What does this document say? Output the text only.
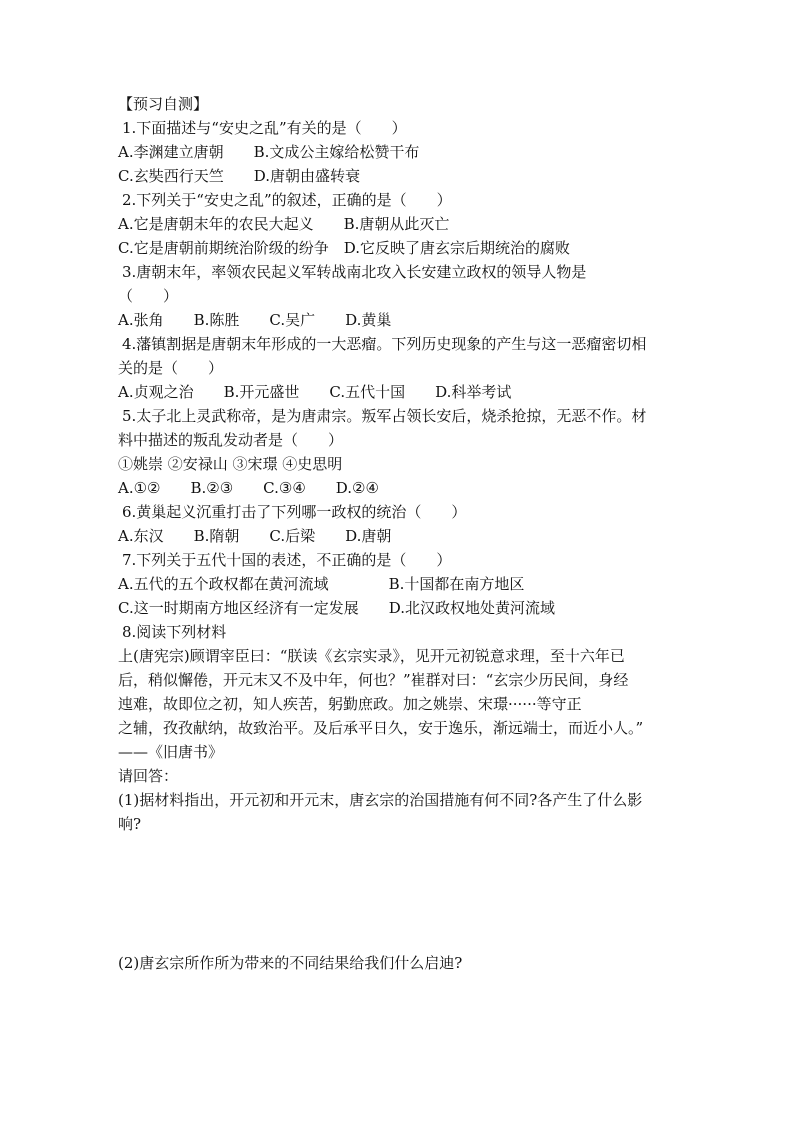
【预习自测】
1.下面描述与“安史之乱”有关的是（　　）
A.李渊建立唐朝　　B.文成公主嫁给松赞干布
C.玄奘西行天竺　　D.唐朝由盛转衰
2.下列关于“安史之乱”的叙述，正确的是（　　）
A.它是唐朝末年的农民大起义　　B.唐朝从此灭亡
C.它是唐朝前期统治阶级的纷争　D.它反映了唐玄宗后期统治的腐败
3.唐朝末年，率领农民起义军转战南北攻入长安建立政权的领导人物是
（　　）
A.张角　　B.陈胜　　C.吴广　　D.黄巢
4.藩镇割据是唐朝末年形成的一大恶瘤。下列历史现象的产生与这一恶瘤密切相
关的是（　　）
A.贞观之治　　B.开元盛世　　C.五代十国　　D.科举考试
5.太子北上灵武称帝，是为唐肃宗。叛军占领长安后，烧杀抢掠，无恶不作。材
料中描述的叛乱发动者是（　　）
①姚崇 ②安禄山 ③宋璟 ④史思明
A.①②　　B.②③　　C.③④　　D.②④
6.黄巢起义沉重打击了下列哪一政权的统治（　　）
A.东汉　　B.隋朝　　C.后梁　　D.唐朝
7.下列关于五代十国的表述，不正确的是（　　）
A.五代的五个政权都在黄河流域　　　　B.十国都在南方地区
C.这一时期南方地区经济有一定发展　　D.北汉政权地处黄河流域
8.阅读下列材料
上(唐宪宗)顾谓宰臣曰：“朕读《玄宗实录》，见开元初锐意求理，至十六年已
后，稍似懈倦，开元末又不及中年，何也？”崔群对曰：“玄宗少历民间，身经
迍难，故即位之初，知人疾苦，躬勤庶政。加之姚崇、宋璟······等守正
之辅，孜孜献纳，故致治平。及后承平日久，安于逸乐，渐远端士，而近小人。”
——《旧唐书》
请回答：
(1)据材料指出，开元初和开元末，唐玄宗的治国措施有何不同?各产生了什么影
响?
(2)唐玄宗所作所为带来的不同结果给我们什么启迪?
